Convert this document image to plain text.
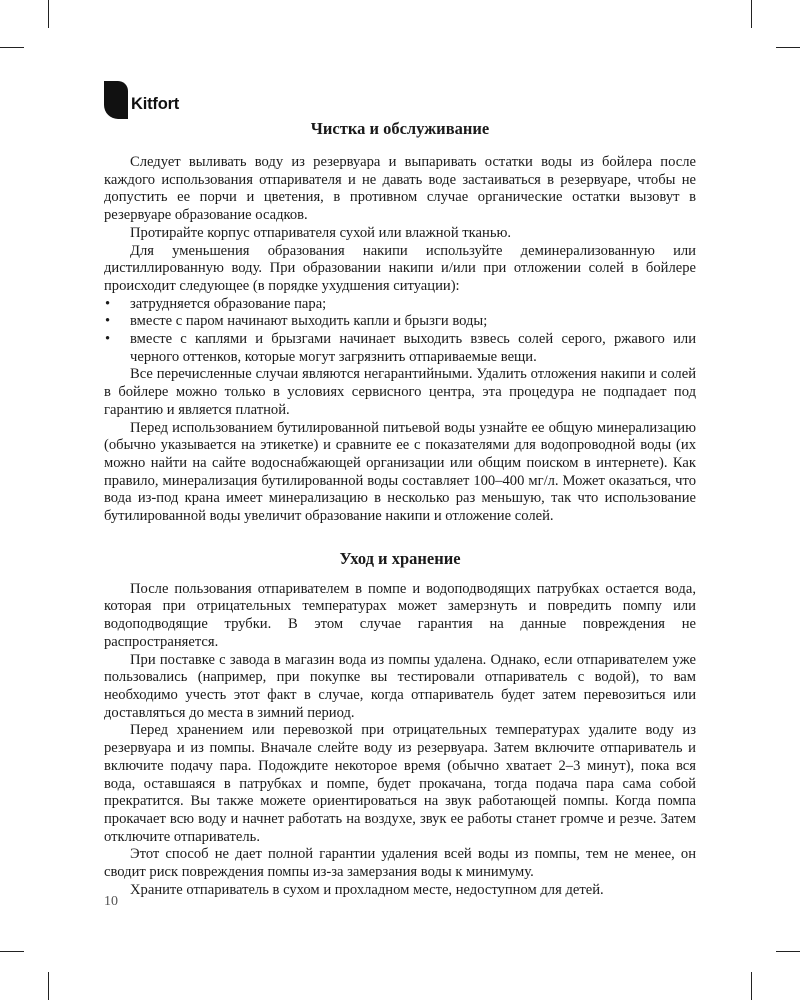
Kitfort
Чистка и обслуживание

Следует выливать воду из резервуара и выпаривать остатки воды из бойлера после каждого использования отпаривателя и не давать воде застаиваться в резервуаре, чтобы не допустить ее порчи и цветения, в противном случае органические остатки вызовут в резервуаре образование осадков.

Протирайте корпус отпаривателя сухой или влажной тканью.

Для уменьшения образования накипи используйте деминерализованную или дистиллированную воду. При образовании накипи и/или при отложении солей в бойлере происходит следующее (в порядке ухудшения ситуации):

• затрудняется образование пара;
• вместе с паром начинают выходить капли и брызги воды;
• вместе с каплями и брызгами начинает выходить взвесь солей серого, ржавого или черного оттенков, которые могут загрязнить отпариваемые вещи.

Все перечисленные случаи являются негарантийными. Удалить отложения накипи и солей в бойлере можно только в условиях сервисного центра, эта процедура не подпадает под гарантию и является платной.

Перед использованием бутилированной питьевой воды узнайте ее общую минерализацию (обычно указывается на этикетке) и сравните ее с показателями для водопроводной воды (их можно найти на сайте водоснабжающей организации или общим поиском в интернете). Как правило, минерализация бутилированной воды составляет 100–400 мг/л. Может оказаться, что вода из-под крана имеет минерализацию в несколько раз меньшую, так что использование бутилированной воды увеличит образование накипи и отложение солей.

Уход и хранение

После пользования отпаривателем в помпе и водоподводящих патрубках остается вода, которая при отрицательных температурах может замерзнуть и повредить помпу или водоподводящие трубки. В этом случае гарантия на данные повреждения не распространяется.

При поставке с завода в магазин вода из помпы удалена. Однако, если отпаривателем уже пользовались (например, при покупке вы тестировали отпариватель с водой), то вам необходимо учесть этот факт в случае, когда отпариватель будет затем перевозиться или доставляться до места в зимний период.

Перед хранением или перевозкой при отрицательных температурах удалите воду из резервуара и из помпы. Вначале слейте воду из резервуара. Затем включите отпариватель и включите подачу пара. Подождите некоторое время (обычно хватает 2–3 минут), пока вся вода, оставшаяся в патрубках и помпе, будет прокачана, тогда подача пара сама собой прекратится. Вы также можете ориентироваться на звук работающей помпы. Когда помпа прокачает всю воду и начнет работать на воздухе, звук ее работы станет громче и резче. Затем отключите отпариватель.

Этот способ не дает полной гарантии удаления всей воды из помпы, тем не менее, он сводит риск повреждения помпы из-за замерзания воды к минимуму.

Храните отпариватель в сухом и прохладном месте, недоступном для детей.

10
